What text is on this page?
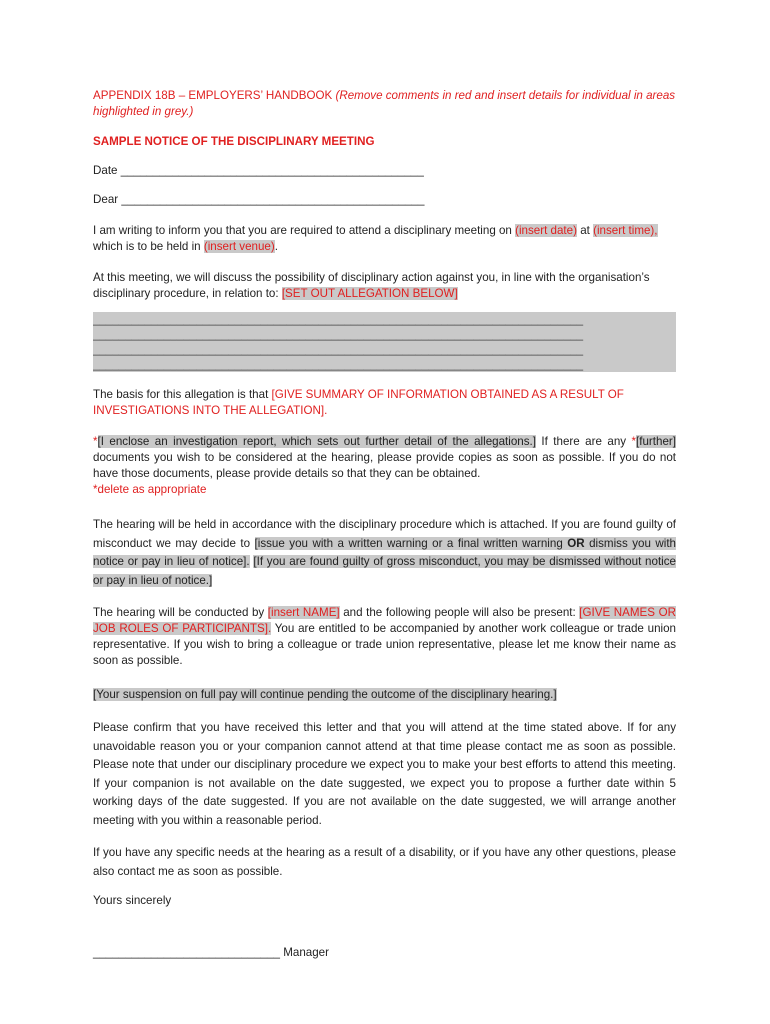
APPENDIX 18B – EMPLOYERS’ HANDBOOK (Remove comments in red and insert details for individual in areas highlighted in grey.)

SAMPLE NOTICE OF THE DISCIPLINARY MEETING

Date _______________________________________________

Dear _______________________________________________

I am writing to inform you that you are required to attend a disciplinary meeting on (insert date) at (insert time), which is to be held in (insert venue).

At this meeting, we will discuss the possibility of disciplinary action against you, in line with the organisation’s disciplinary procedure, in relation to: [SET OUT ALLEGATION BELOW]

____________________________________________________________________________
____________________________________________________________________________
____________________________________________________________________________
____________________________________________________________________________

The basis for this allegation is that [GIVE SUMMARY OF INFORMATION OBTAINED AS A RESULT OF INVESTIGATIONS INTO THE ALLEGATION].

*[I enclose an investigation report, which sets out further detail of the allegations.] If there are any *[further] documents you wish to be considered at the hearing, please provide copies as soon as possible. If you do not have those documents, please provide details so that they can be obtained.
*delete as appropriate

The hearing will be held in accordance with the disciplinary procedure which is attached. If you are found guilty of misconduct we may decide to [issue you with a written warning or a final written warning OR dismiss you with notice or pay in lieu of notice]. [If you are found guilty of gross misconduct, you may be dismissed without notice or pay in lieu of notice.]

The hearing will be conducted by [insert NAME] and the following people will also be present: [GIVE NAMES OR JOB ROLES OF PARTICIPANTS]. You are entitled to be accompanied by another work colleague or trade union representative. If you wish to bring a colleague or trade union representative, please let me know their name as soon as possible.

[Your suspension on full pay will continue pending the outcome of the disciplinary hearing.]

Please confirm that you have received this letter and that you will attend at the time stated above. If for any unavoidable reason you or your companion cannot attend at that time please contact me as soon as possible. Please note that under our disciplinary procedure we expect you to make your best efforts to attend this meeting. If your companion is not available on the date suggested, we expect you to propose a further date within 5 working days of the date suggested. If you are not available on the date suggested, we will arrange another meeting with you within a reasonable period.

If you have any specific needs at the hearing as a result of a disability, or if you have any other questions, please also contact me as soon as possible.

Yours sincerely

_____________________________ Manager
